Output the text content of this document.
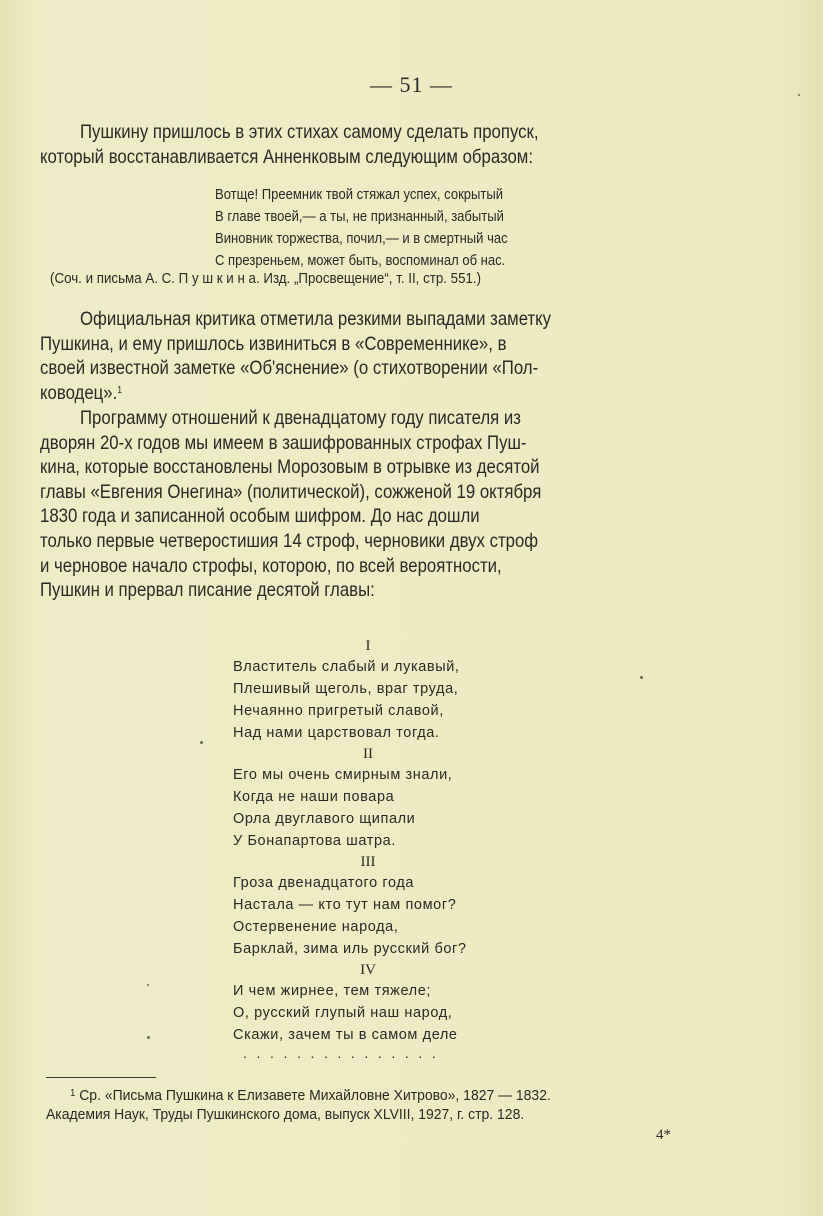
— 51 —
Пушкину пришлось в этих стихах самому сделать пропуск,
который восстанавливается Анненковым следующим образом:
Вотще! Преемник твой стяжал успех, сокрытый
В главе твоей,— а ты, не признанный, забытый
Виновник торжества, почил,— и в смертный час
С презреньем, может быть, воспоминал об нас.
(Соч. и письма А. С. П у ш к и н а. Изд. „Просвещение“, т. II, стр. 551.)
Официальная критика отметила резкими выпадами заметку
Пушкина, и ему пришлось извиниться в «Современнике», в
своей известной заметке «Об'яснение» (о стихотворении «Пол-
ководец».$^1$
Программу отношений к двенадцатому году писателя из
дворян 20-х годов мы имеем в зашифрованных строфах Пуш-
кина, которые восстановлены Морозовым в отрывке из десятой
главы «Евгения Онегина» (политической), сожженой 19 октября
1830 года и записанной особым шифром. До нас дошли
только первые четверостишия 14 строф, черновики двух строф
и черновое начало строфы, которою, по всей вероятности,
Пушкин и прервал писание десятой главы:
I
Властитель слабый и лукавый,
Плешивый щеголь, враг труда,
Нечаянно пригретый славой,
Над нами царствовал тогда.
II
Его мы очень смирным знали,
Когда не наши повара
Орла двуглавого щипали
У Бонапартова шатра.
III
Гроза двенадцатого года
Настала — кто тут нам помог?
Остервенение народа,
Барклай, зима иль русский бог?
IV
И чем жирнее, тем тяжеле;
О, русский глупый наш народ,
Скажи, зачем ты в самом деле
...............
$^1$ Ср. «Письма Пушкина к Елизавете Михайловне Хитрово», 1827 — 1832.
Академия Наук, Труды Пушкинского дома, выпуск XLVIII, 1927, г. стр. 128.
4*
